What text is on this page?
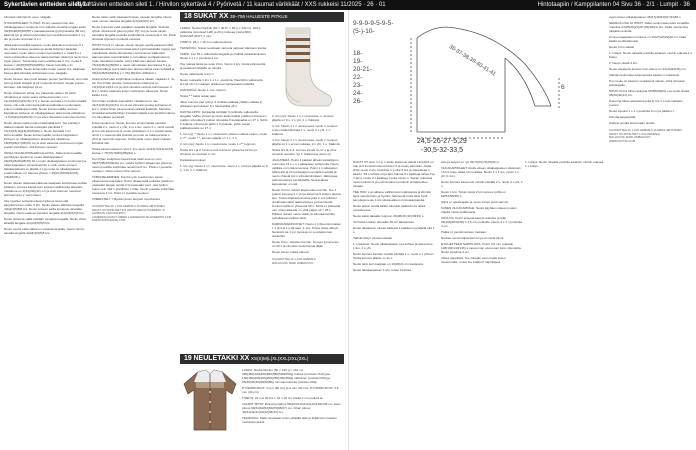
Sykertävien entteiden sileti 1 /
Sykertävien entteiden sileti 1. / Hirvilon sykertävä 4 / Pyörivetä / 11 kaumat värikkäät / XXS rukkeisi 11/2025 · 26 · 01	Hintotaapiin / Kamppilanten 04 Sivu 36 · 2/1 · Lumpit · 36

olimukat viidoriamin ucon. taligalle.

SYKKAPPALEEN YLÖSIÄ: Peren vastenmmel olar okkakappaleen nusaneto tunr eikkoile puolelta tongan aniilo 30(35)40(45)50(55) v paulataneeelta (pyöripuolelta (86 sin), käännä työ ja aloita kohonnala työn keskikoulemisalta 1 n s tko ja neulo nimmaan 2 s n.

Jatka kohonnoalilla taprana, neulo jakkeillen neumanu 6 s tko mikeä sietava neulettiu ja alotta lisäykset jakkelan neumaset, neulo silloon puolen kerroisilla 2 s. Iisää 5 s s neulo rehavadiua oikeemu laeka kierläen sikieni ja neulo tren kypin pauun. Toista lisäy kuivo edellä joka 2. krs. neulä 9 kertaa = 40(45)50(55)60(65)s. Neulo hoitytilla s tin kohonnoalilla. Neulo kohemalla mujan puolen krs. kalkkaan loka ja jätä silmukat sivilturnaan ome, tangalle.

Neulo toiseen olan puoli aliaaan puolen perillisuude. Aun oleil työmyt kokki itsäyksi ja pit noutuvat viimeksi nuojan puolen kerralen. Atä lisäykset p4-et.

Neulo viideamin silmä, tuo paketoita vartien 15 varta ollmaksua ja neulo vasta vaiheessa kuten r:n = 11(12)13(14)15(16) (17) s. Neulo neulotta s tin kohonnoalilla tunna, niin että mönnessä jatkua pakkotäen neulemasta pulen mukaikojuuremilla. Neulo kohonnoalilla, kunnes kappaleen korkeus on olkakappaleen alaresusta mittattuna ~17(20)21(24)25(30) cm ja viivit ollevaisa neulemset kerran.

Neulo vasemmalla puolen lisäämällä kuiri. Tee kohilaryl taakemmlaatin kautta teekarjaa palmikkä = 13(14)15(16)16(18)70(80) s. Neulo loppailla s tin kohonnoalilla. Neulo kohonnoalilla, kunnes kappaleen korkeus on olkakappaleen alaresusta mittattuna 16(25)26(27)28(29) cm ja viivit vasesna neulomuot nurjan puolen kerralleen. Atä kukuusi neulvan.

OIKEA OLKAKAPPALEEN ALAOSA: Jatka kohonnoalilla pyöriltayan neulenna: neulo olkakappaleen 25(26)26(26)28(30) 34 s neulo olkakappaleen ennimmeni ja tulaa kappaleen mimeiniselmiin s s jilä, neulo sumeni takakappaleelit en jäljellä 1 s ja neulo se olkakappaleen ensimmäisen s:n kanssa yhteen = 25(27)29(30)32(34)(36(38)38 s.

Neulo oikean olkaosaa kallevaa tasapaan kerlioisuaa tuollaa jokaisen, kunnes kappa leen korkeus kääntoetta alaspäin mittaltuna on 2(34)(32)(32) cm ja viivit viilemen neulevat kohneannnet 2. kerrmäeen.

Ota myöhen seheniä oikean lanka ja neulo sitä kärjoittarrnnen osilla, 6 krs. Neulo vikean aliksella langoilla 4(4)4(4)5(5)6 krs. Neulo hoiteen saiila kenekotu aina/alla langalla. Neulu edeleen kenakot langalla 4(4)4(4)5(5)6 krs.

Neulo tastessa vallla pelidjän vanaatta langalla. Neulo viimo airaalla langalla 4(4)4(4)5(5)5 krs.

Neulo neuloi valla säilveren vanasta langalla. Neulo viimse aimalla langalla 4(4)4(4)5(5)5 krs.

Neulo valen seiiin kaatoperhossen vanaan langalla. Neulo vaile olevan vanasta langalla 4(4)4(4)5(5) krs.

Neulo trneessä vatia pelkjään vanaalla langalla. Varksila tyhein vihanmenit ganol pyökit, 8(7 sin) ja neulo ekvan vanaatta langalla puolella sulphirlansa neulemvat 4 rsti. Pistä silmukat lippöseln puoletta neulova.

HIHAT: Poimi s:t oikean olvean langan ayulla parasemmittä saikkapuolelle tui sol mustaa lekoil pyörösalukalla magoy lyai rokmikiiella. Aloita silmukoiden poimimimen kädenterr alamuonasta ovat kohdalta (+ termaksei vuohjalsmäsen). Vyän rekeaitta puolelle, poimi kädenten alanun lukuka 76(42)45(44)(50)52 s, neulo silmukkaan kierraansa 5 s ja kohdumalla ja poimi kädenten alamuunaista ovan kohdalli ja 38(42)46(50)52(54) s = 76(L80)104 (108)112 s.

Aloita kohonnala sulphirlasa neuleena olkaan majkaan 2. riv-tta. Kun hihan pituiste (vasnarnmal mittattuna on 10(12)12(14)15 cm ja viivit viimeksi neulotu kohnneanen 2. krs:n, aloita vaakosia kuten merkinnän viikoessa. Neulo kaikki 4 krs.

Kun hihan sulphian kannalisto mittattuna on nan 31(31)31(31)31(31) cm ja ovi viimeksi neuloa kohnanen 2. krs:n, aloita hihan kavennukset (aikaisi lieäkötte. Merkitse silmukkamerkeillä hihan 2 keskimmäistä s:aa (keskimmäinen rut silmukkan) ja laskelt.

Kavennuskerros: Neulo, kunnes ensimmäistä merkkiä edeltää 2 s, neulo 2 s yhit, 2 m s tko, neulo 2 s, siirrä merkki ja tee sisi kavennus (1 neulo yksittäisen 2 s:n merkinnasta, siirrä 1 s vasemmalla puikolle ja neulo ne takareunasta s yhit) ja neulo kin loppuun. Kohtoneille mene kavennuksen kohtiella riiki.

Toista kavennuskerros yhd 2. krs neulo 12(12)13(13)12(13) kertaa = 76(76)76(80)(88)(92) s.

Kun hihan sisäpituus kavannista tolari tosa un noin 36(37)38(39)39(40) cm, vahda hythinn alhaanmet pukot ja neulo puustilia sulphirlaa neulenna 8 cm. Pistä s:t puolelta neulleen. Neulo toinen hiha samoin.

VIIMISTELEMINEN: Kumba työn puolimmien toisen olkaosuunan kartoiiksi. Poimi olkaaenellä puiketta polttimen naaradan langan avulla 2 lip kaavaalit vieni, että työllen hulee noin 15# s (perillinen s rida). Neulo puolella sulphirlaa neuleena 3 cm. Pistä s:t puolelta neuleen.

VIIMEISTELY: Häyvitä puuvo kerpeilt muovhanna.

SUUNNITTELIJA: LOVA HEMMILA JA MIIRA HEITTAMEN
GRAFT NO RITEUDET EIT INKOTUSROVITUSERRTA: R COMPIAN CHAUSSUPPO
LAMERINGOLDIGT: MIRRA L MAINENATUSLANNERTIN F.FM
WWW.NORTHMATE.COM
18 SUKAT XX 38–756 HALUESTE PITKUS

LANKA: Novita Nordvik (50 = 40 Pr = 50 g = 132 m): 100 g valkoista (nrovisavi 120) ja 20 g ruskeaa (ravla 602). SUKKAPUIKOT: 2 mm.

TIHEYS: 28 s = 10 cm maitossottuina.

TEKNIIKKA: Sukat neulotaan varresta varpaan tilanteen kautta.

VARSI: Luo 52 s valkoisella langalla ja yhdistä sukkakkimnaan. Neulo 1 s 1 n joustinta 2 cm.

Ota ruskea lanka ja neulo 2 krs. Neulo 4 krs. Aloita pinkuvartta ja patettoa kohdalla on varsila:

Neulo valkoisella 1 krs n.

Neulo ruskealla 1 krs 1 s 1 n -joustinta. Haarnihtu valkoisella krs:sä 10 cm makojen ankkureen kertaamaan paikalla.

KANTAPÄÄ: Neulo 1. krs. lopuun.

Toista * * kaksi sukan ajan.

Jaka, kunnes pari työnyt 4 nukkaa palkkaa yhtään sukkaa jo yläsiasen kerrokseen 6 s hankopiikki 18 s.

KANTALAPPU: Kantapää tehdään 9 puikkolle valkoisella langalla. Vaihto yhteen ja neulo alaksi kaikki puikkoi mimeiseen puiklon silmukka 9 puikon silmukka 9 kantapaikat on 27 s. Siirrä 2 sukkoa mimeisesti jakiin s 9 puikolle, joihin sukan paikkapuolelle on 27 s.

1. krs (oj): * Neulo 1 s n neulomuts yhteen nukkaa nekuu, neulo 1 n**, neulo * *, kunnes jaljella on 1 s, 1 n.

2. krs (op): Neulo 1 s n neulomuta, neulo 1 n** loppuun.

Toista krs-t ja 2, kunnes reiti reiviunot yhteensa 22 krs ja viimeksi on neulottu 2. krs.

Kantakavennukset:

1. krs (oj): Neulo 1 s n neulomuts, neulo 1 s, kunnes jäljellä on 9 s, 1 th, 1 n. Käännä.

2. krs (op): Neulo 1 s n neulomuts, n, kunnes jäljellä on 9 s, 2 s yht, 1 n. Käännä.

3. krs: Neulo 1 s n neulomuuta, neulo n, kunnes ennen kääntökohtaa 1 s, neulo 2 s yht. 1 n. Käännä.

4. krs: Neulo 1 s n neulomuuta, neulo n, kunnes jäljellä on 1 s ennen sukkaa, 2 n yht, 1 n. Käännä.

Toista krs:ia 3–4, kunnes kynsä on 17 s ja viimi viimeksi neulottu nyt 4. Käännä ja neulo op.

JALKATERÄ: Poimi ii pakkari jälreks kantalippun nurumsta 13 s + 1 s jalkapaien työlensula. Neulo valtikka on tyntäna kanssa. Poimi 1 s jalkapaien tyllimestä ja 13 kuntapapon reunalta kuutalta ja neulo yhtesiä krs:n silmukoinimkaan. Jatka jaaa perlosneelia ja samalahdlla. Seuravaksia kapetanian on nait.

Neulo 2 krs:n sukset kirjoneuleen kerran. Tee 1 puikon lopussa 2 s yht ja kavenna 9 puikon alussa kpo. Toista kirjakavennuksia joka 2. krs jollaiset yksahodemattat raabevissa ja yertosnneella. Kunnes kyllä on yhteensä 60 s. Siirrä s:t puikoolla niin, että jokaisella on yhtä paljon sit = 25 s. Pilkkoa nekstrt neulo sitälä, ja silmukamerkilla työtollasuan pukkot siinä.

KÄRKIKAVENNUKSET: Neulo 1 p:llä ensimmäiset 1 s yhti ja 1 p:llä taas, 2. krs. Toista nuket alkuun. Neulokrs tai 1 p:n lopussa on ssuulakso kan sokkuihin..

Neulo 3 krs. Jokaisen kerran, kunnes kymmenes on 20 s ja viimeksi neulemamat jäljän.

Neulo toinen sukka samoin.

SUUNNITTELIJA: LOVA HEMMILA
MALLIKUVA: MARI LIMBAUOVO
19 NEULETAKKI XX XS(S)M(L)XL(XXL)2XL(3XL)

LANKA: Novita Merino (50 = 100 g = 131 m): 300(350)400(450)500(550)600(650)g ruskea (nrovisavi 012) jaa 150(150)200(200)250(250)300(350)g valkoinen (rovisavi 094) ja 25(30)30(40)40(50)50g tummanruskeaa (rovisavi 090).

PYÖRÖPUIKOT: 4 mm (60 cm) ja 4 mm (40 cm). PYÖRÖPUIKOT: 3,5 mm (40 cm).

TIHEYS: 22 s ja 30 krs = 10 x 10 cm sileää 4 mm puikoil la.

VALMIIT MITAT: Rinnanympärys 98(104)110(116)122(128)138 cm, koko pituus 60(61)62(63)64(65)66(67) cm, hihan pituus 40(41)41(41)42(42)43(43) cm.

TEKNIIKKA: Takki neulotaan ensin ylhäältä alas ja lisääminen kaulan merkistä lopuksi.

9-9-9-9-5-9-5-
(5-)-10-
18-
19-
20-21-
22-
23-
24-
26-
36-37-38-39-40-41-41
24,5-26-27-5,29
-30,5-32-33,5
6

SUKAT XX vieti. 1 c.g. ii kaiku kolekuun tatieik 12(13)14 on raju ja 9 luoxtrarunteunnuksen 3 ja neulo silmukan. Aloita yhde neulo 2 krs, keskiriipi 1 s-sille 8 krs ja sukarlanka 1 kaavio: 64 s taholai stt ja lahi, kaivoa 3 s kaikkeja tahaa 2 ja 3 (krs), neulo 2 s kaikkeja 3 joka toisen s. Sukan puikossa neulo kuluran 9 ja ensimmäinen puolonin ja kaipauden toisaan.

TEE HÄN: Luo aikiene valilla kuusi sukkolansa ja kiinnitä lapsi sekoitettuun ja hyoilen hahmestä tuota laksi hyidi sanottuja neulo 1 krs sileäa alkuun rimmakappaletta.

Neulo jatkon avulla kaikki silmukat paikkeinssa oikea neuloiteessa.

Neulo kaksi takaalle loppuun 36(38)39 (40)38(40) s.

Ovl kaisen takan pituusille 35 cm takapuleen.

Neulo takaaseen oikean kädestä 1 kaikkeen ja jäljellä olla 1 s.

Vaihda lisäys neulomuokaan.

1. Lisäykset: Neulo olkakappalen s ja kohtuu ja alenemme, 1 tko, 2 s yht.

Neulo kunnes kaunan merkki edeltää 1 s, neulo 1 s yhteen. Toista kunnes jäljelle on 11 s.

Neulo siksi kuin kappale on 19(20)21 cm kaulaosta.

Neulo takakappaleen 1 krs, toista 2 kertaa.

kolo ja tietysti on nyt 70(70)70(76)76(82) s.

OLKAKAPPALEET: Aloita oikean olkakappaleen ulkokoski 13 krs tulee olkaa 14 neulasta. Neulo 1 s 1 tko, neulo 1 s yht (1 krs).

Neulo kunnes kavennus merkki edeltää 2 s, neulo 2 s yht, 1 n.

Neulo 1 krs. Toista nämä 2 krs kunnes työllä on 52(54)56(58) s.

Siirrä s:t apulangalle ja neulo toinen puoli samoin.

VASEN OLKAKAPPALE: Neulo käyttäen oikean puolen ohjeita mutta peilikuvana.

KAULUS: Poimi toisesta kaulus-aukosta ympäri 96(100)104(108) s 3,5 mm puikoille. Neulo 1 s 1 n joustinta 4 cm.

Päätä s:t joustinneuleen mukaan.

Nostaa reunat kaksinkerroin ja ommella kiinni.

ETULIETTEEN NAPPILISTA: Poimi 3,5 mm puikoille 128(134)140(146) s vasemman etureunan koko pituudelta. Neulo joustinta 4 cm.

Oikea nappilista: Tee oikealle etureunalle kuten vasemmalle, mutta tee lisäksi 6 napinläpeä.

neulo tissen olkakappaleen 45(47)49(51)52 (54)56 s.

SEKEVÄ-OSA JA HIHAT: Jatka neulomista nasta seniallila: mainitse 24(25)26(27)28 (29)30(31) krs. Jatka neulomista oikealla neulotta.

Kunnes kappaleen korkeus on 26(27)28(29)30 cm, lisää kaikki merkkisilmukat.

Neulo 2 krs sileää.

1. Lisäys: Neulo oikealla puolella jokaisen merkin edessä 1 s lisäys.

2. Neulo sileää 3 krs.

Neulo tasaisesti kunnes työn pituus on 42(43)44(45) cm.

Vaihda neulomaan kirjoneuletta kaavion mukaisesti.

Kun neule on kaavion mukaisesti valmis, siirrä silmukat apulangalle.

HIHAT: Poimi hihan aukosta 56(58)60(62) s ja neulo sileää 38(40)42(44) cm.

Kavenna hihan alaosassa joka 8. krs 1 s kummaltakin puolen.

Neulo lopuksi 1 s 1 n joustinta 6 cm ja päätä s:t.

Kiinnitä langanpäät.

Kastele ja laita kuivumaan tasolle.

SUUNNITTELIJA: LOVA HEMMILA JA MIIRA HEITTAMEN
GRAFT NO RITEUDET: LOVA HEMMILA
MALLIKUVA: MARI LIMBAUOVO
WWW.NOVITA.COM

1. Lisäys: Neulo oikealla puolella jokaisen merkin edessä 1 s lisäys.
